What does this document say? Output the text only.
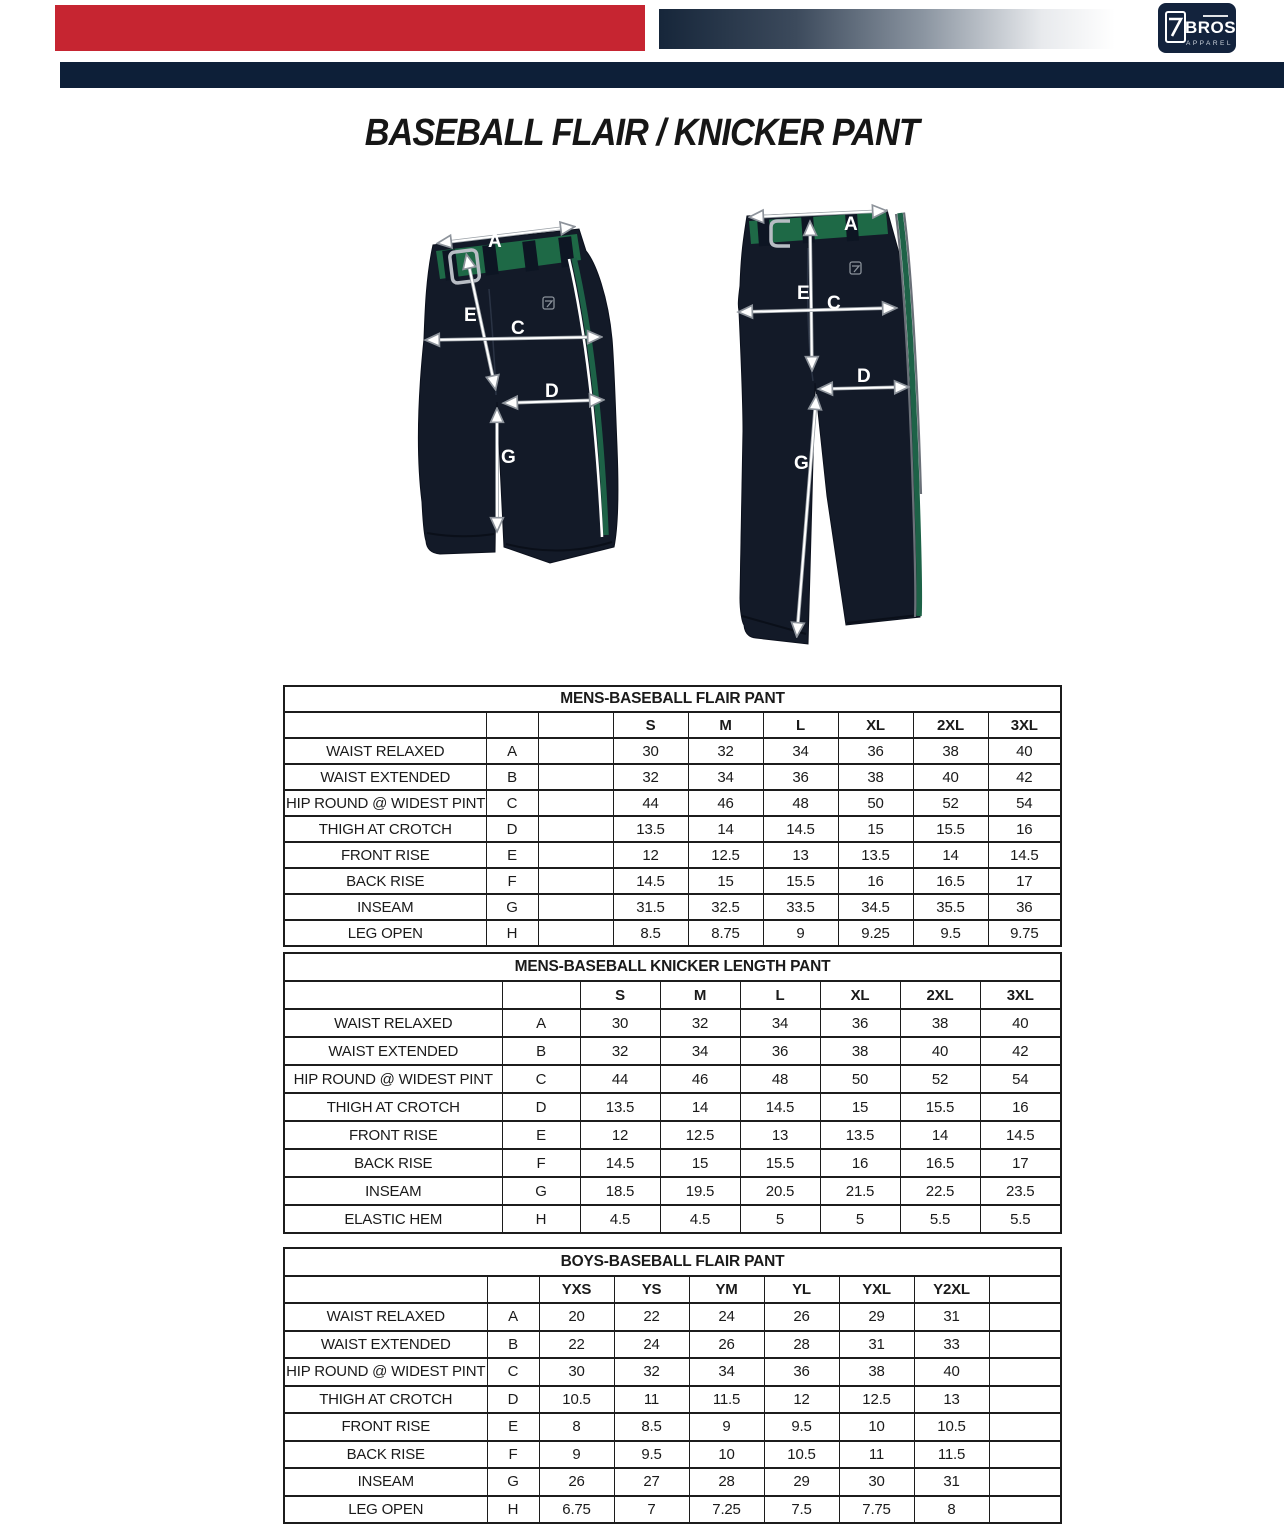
BROS
APPAREL
BASEBALL FLAIR / KNICKER PANT
A
E
C
D
G
A
E C
D
G
MENS-BASEBALL FLAIR PANT								
			S	M	L	XL	2XL	3XL
WAIST RELAXED	A		30	32	34	36	38	40
WAIST EXTENDED	B		32	34	36	38	40	42
HIP ROUND @ WIDEST PINT	C		44	46	48	50	52	54
THIGH AT CROTCH	D		13.5	14	14.5	15	15.5	16
FRONT RISE	E		12	12.5	13	13.5	14	14.5
BACK RISE	F		14.5	15	15.5	16	16.5	17
INSEAM	G		31.5	32.5	33.5	34.5	35.5	36
LEG OPEN	H		8.5	8.75	9	9.25	9.5	9.75
MENS-BASEBALL KNICKER LENGTH PANT							
		S	M	L	XL	2XL	3XL
WAIST RELAXED	A	30	32	34	36	38	40
WAIST EXTENDED	B	32	34	36	38	40	42
HIP ROUND @ WIDEST PINT	C	44	46	48	50	52	54
THIGH AT CROTCH	D	13.5	14	14.5	15	15.5	16
FRONT RISE	E	12	12.5	13	13.5	14	14.5
BACK RISE	F	14.5	15	15.5	16	16.5	17
INSEAM	G	18.5	19.5	20.5	21.5	22.5	23.5
ELASTIC HEM	H	4.5	4.5	5	5	5.5	5.5
BOYS-BASEBALL FLAIR PANT								
		YXS	YS	YM	YL	YXL	Y2XL	
WAIST RELAXED	A	20	22	24	26	29	31	
WAIST EXTENDED	B	22	24	26	28	31	33	
HIP ROUND @ WIDEST PINT	C	30	32	34	36	38	40	
THIGH AT CROTCH	D	10.5	11	11.5	12	12.5	13	
FRONT RISE	E	8	8.5	9	9.5	10	10.5	
BACK RISE	F	9	9.5	10	10.5	11	11.5	
INSEAM	G	26	27	28	29	30	31	
LEG OPEN	H	6.75	7	7.25	7.5	7.75	8	
